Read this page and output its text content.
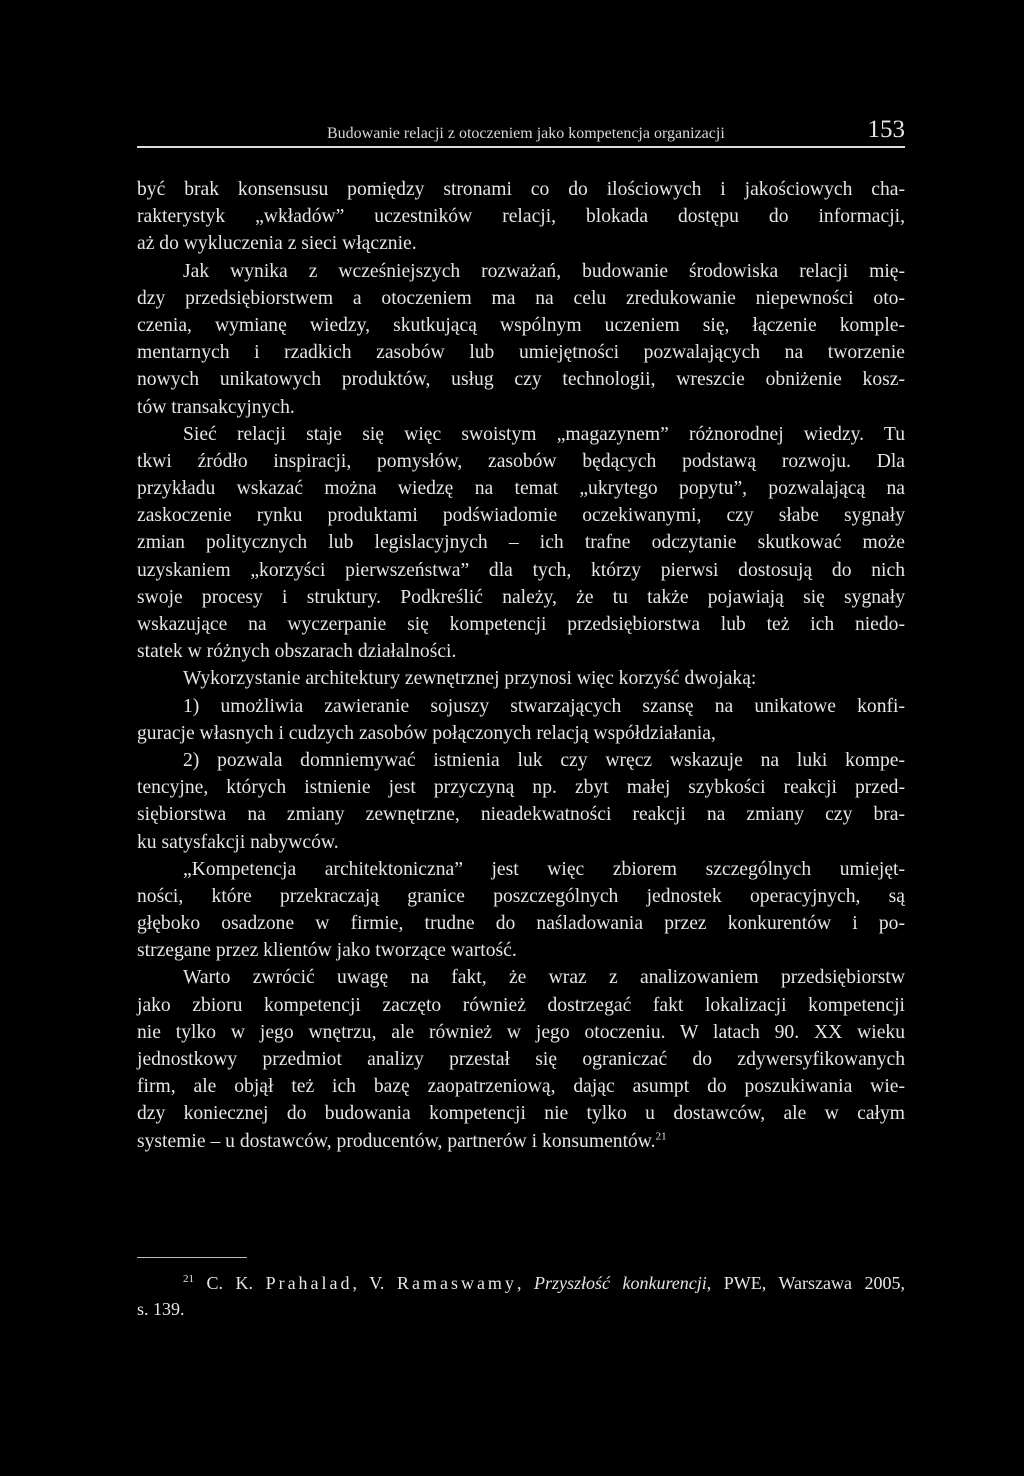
Budowanie relacji z otoczeniem jako kompetencja organizacji	153
być brak konsensusu pomiędzy stronami co do ilościowych i jakościowych cha-
rakterystyk „wkładów” uczestników relacji, blokada dostępu do informacji,
aż do wykluczenia z sieci włącznie.
Jak wynika z wcześniejszych rozważań, budowanie środowiska relacji mię-
dzy przedsiębiorstwem a otoczeniem ma na celu zredukowanie niepewności oto-
czenia, wymianę wiedzy, skutkującą wspólnym uczeniem się, łączenie komple-
mentarnych i rzadkich zasobów lub umiejętności pozwalających na tworzenie
nowych unikatowych produktów, usług czy technologii, wreszcie obniżenie kosz-
tów transakcyjnych.
Sieć relacji staje się więc swoistym „magazynem” różnorodnej wiedzy. Tu
tkwi źródło inspiracji, pomysłów, zasobów będących podstawą rozwoju. Dla
przykładu wskazać można wiedzę na temat „ukrytego popytu”, pozwalającą na
zaskoczenie rynku produktami podświadomie oczekiwanymi, czy słabe sygnały
zmian politycznych lub legislacyjnych – ich trafne odczytanie skutkować może
uzyskaniem „korzyści pierwszeństwa” dla tych, którzy pierwsi dostosują do nich
swoje procesy i struktury. Podkreślić należy, że tu także pojawiają się sygnały
wskazujące na wyczerpanie się kompetencji przedsiębiorstwa lub też ich niedo-
statek w różnych obszarach działalności.
Wykorzystanie architektury zewnętrznej przynosi więc korzyść dwojaką:
1) umożliwia zawieranie sojuszy stwarzających szansę na unikatowe konfi-
guracje własnych i cudzych zasobów połączonych relacją współdziałania,
2) pozwala domniemywać istnienia luk czy wręcz wskazuje na luki kompe-
tencyjne, których istnienie jest przyczyną np. zbyt małej szybkości reakcji przed-
siębiorstwa na zmiany zewnętrzne, nieadekwatności reakcji na zmiany czy bra-
ku satysfakcji nabywców.
„Kompetencja architektoniczna” jest więc zbiorem szczególnych umiejęt-
ności, które przekraczają granice poszczególnych jednostek operacyjnych, są
głęboko osadzone w firmie, trudne do naśladowania przez konkurentów i po-
strzegane przez klientów jako tworzące wartość.
Warto zwrócić uwagę na fakt, że wraz z analizowaniem przedsiębiorstw
jako zbioru kompetencji zaczęto również dostrzegać fakt lokalizacji kompetencji
nie tylko w jego wnętrzu, ale również w jego otoczeniu. W latach 90. XX wieku
jednostkowy przedmiot analizy przestał się ograniczać do zdywersyfikowanych
firm, ale objął też ich bazę zaopatrzeniową, dając asumpt do poszukiwania wie-
dzy koniecznej do budowania kompetencji nie tylko u dostawców, ale w całym
systemie – u dostawców, producentów, partnerów i konsumentów.$^{21}$
$^{21}$ C. K. Prahalad, V. Ramaswamy, Przyszłość konkurencji, PWE, Warszawa 2005,
s. 139.
